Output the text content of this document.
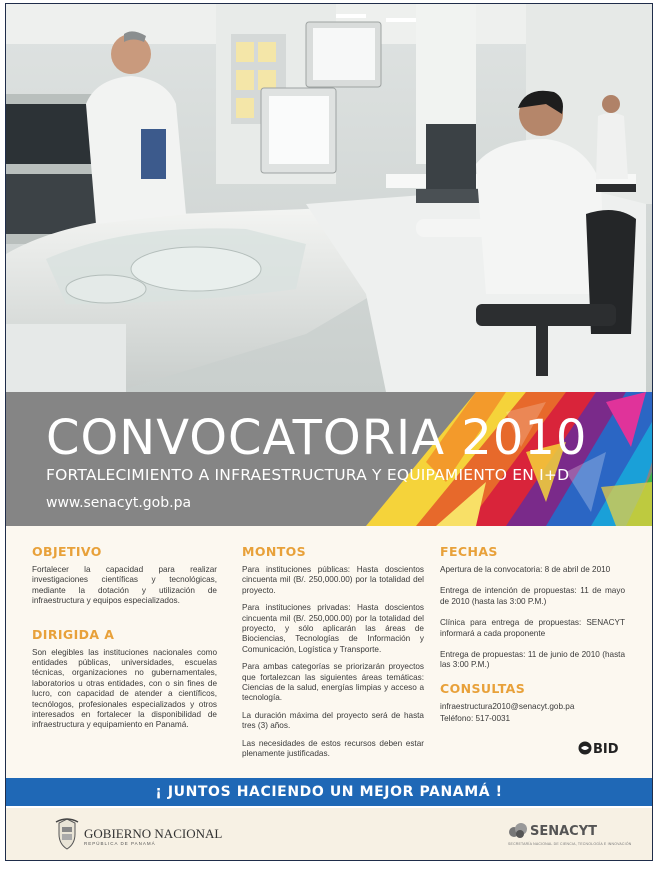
CONVOCATORIA 2010

FORTALECIMIENTO A INFRAESTRUCTURA Y EQUIPAMIENTO EN I+D

www.senacyt.gob.pa

OBJETIVO

Fortalecer la capacidad para realizar investigaciones científicas y tecnológicas, mediante la dotación y utilización de infraestructura y equipos especializados.

DIRIGIDA A

Son elegibles las instituciones nacionales como entidades públicas, universidades, escuelas técnicas, organizaciones no gubernamentales, laboratorios u otras entidades, con o sin fines de lucro, con capacidad de atender a científicos, tecnólogos, profesionales especializados y otros interesados en fortalecer la disponibilidad de infraestructura y equipamiento en Panamá.

MONTOS

Para instituciones públicas: Hasta doscientos cincuenta mil (B/. 250,000.00) por la totalidad del proyecto.

Para instituciones privadas: Hasta doscientos cincuenta mil (B/. 250,000.00) por la totalidad del proyecto, y sólo aplicarán las áreas de Biociencias, Tecnologías de Información y Comunicación, Logística y Transporte.

Para ambas categorías se priorizarán proyectos que fortalezcan las siguientes áreas temáticas: Ciencias de la salud, energías limpias y acceso a tecnología.

La duración máxima del proyecto será de hasta tres (3) años.

Las necesidades de estos recursos deben estar plenamente justificadas.

FECHAS

Apertura de la convocatoria: 8 de abril de 2010

Entrega de intención de propuestas: 11 de mayo de 2010 (hasta las 3:00 P.M.)

Clínica para entrega de propuestas: SENACYT informará a cada proponente

Entrega de propuestas: 11 de junio de 2010 (hasta las 3:00 P.M.)

CONSULTAS

infraestructura2010@senacyt.gob.pa

Teléfono: 517-0031

BID
¡ JUNTOS HACIENDO UN MEJOR PANAMÁ !
GOBIERNO NACIONAL
REPÚBLICA DE PANAMÁ
SENACYT
SECRETARÍA NACIONAL DE CIENCIA, TECNOLOGÍA E INNOVACIÓN
